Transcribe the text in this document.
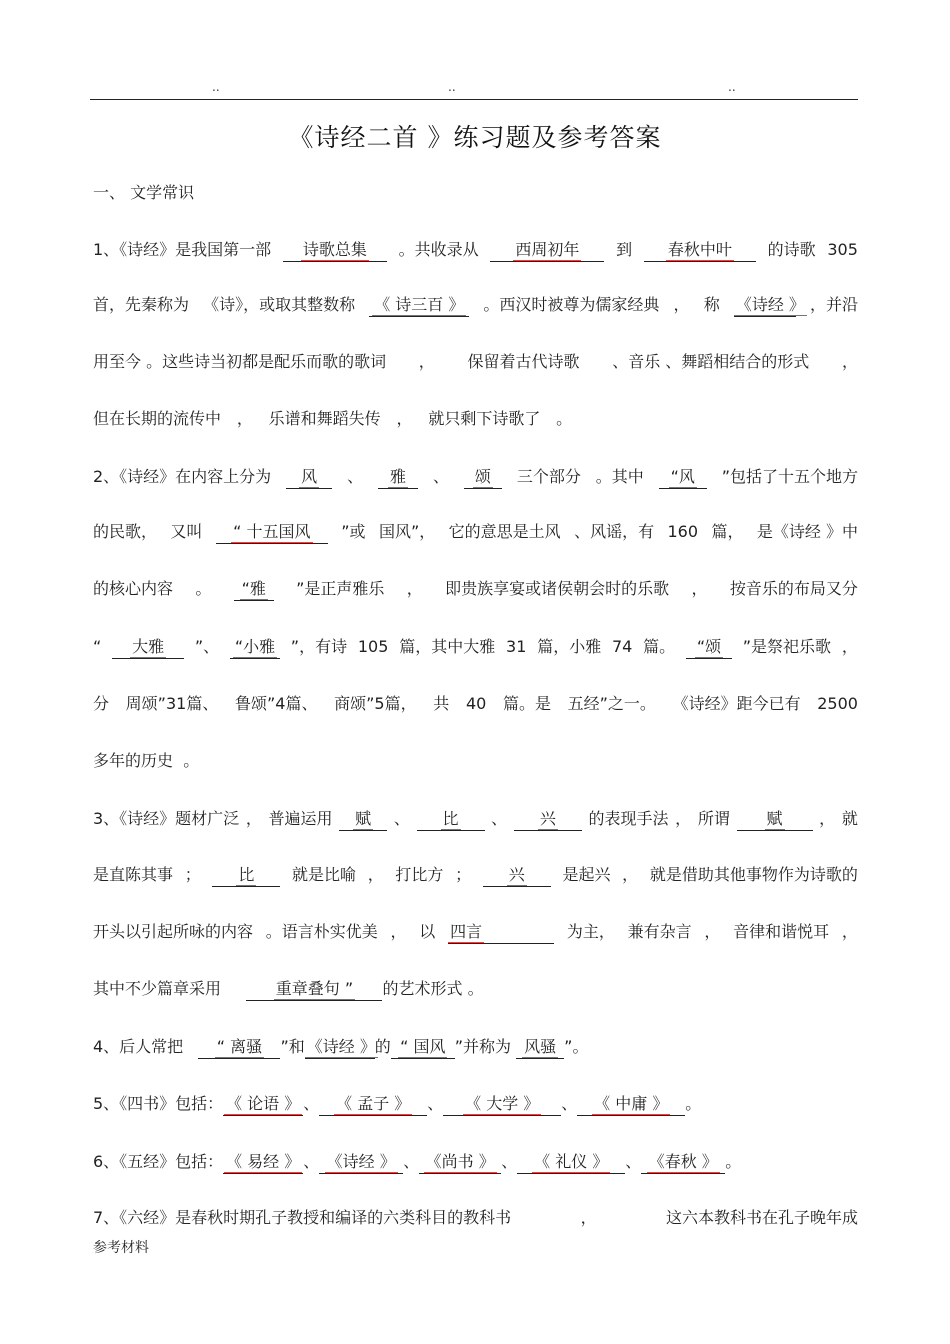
..	..	..
《诗经二首 》练习题及参考答案
一、 文学常识
1、《诗经》是我国第一部	诗歌总集	。共收录从	西周初年	到	春秋中叶	的诗歌 305
首，先秦称为 《诗》，或取其整数称	《 诗三百 》	。西汉时被尊为儒家经典 ， 称 《诗经 》 ，并沿
用至今 。这些诗当初都是配乐而歌的歌词 ， 保留着古代诗歌 、音乐 、舞蹈相结合的形式 ，
但在长期的流传中 ， 乐谱和舞蹈失传 ， 就只剩下诗歌了 。
2、《诗经》在内容上分为	风	、	雅	、	颂	三个部分 。其中	“风	”包括了十五个地方
的民歌， 又叫	“ 十五国风	”或 国风”， 它的意思是土风 、风谣，有 160 篇， 是《诗经 》中
的核心内容 。	“雅	”是正声雅乐 ， 即贵族享宴或诸侯朝会时的乐歌 ， 按音乐的布局又分
“	大雅	”、 “小雅 ”，有诗 105 篇，其中大雅 31 篇，小雅 74 篇。	“颂	”是祭祀乐歌 ，
分 周颂”31篇、 鲁颂”4篇、 商颂”5篇， 共 40 篇。是 五经”之一。 《诗经》距今已有 2500
多年的历史
。
3、《诗经》题材广泛 ， 普遍运用	赋	、	比	、	兴	的表现手法 ， 所谓	赋	， 就
是直陈其事 ；	比	就是比喻 ， 打比方 ；	兴	是起兴 ， 就是借助其他事物作为诗歌的
开头以引起所咏的内容 。语言朴实优美 ， 以 四言	为主， 兼有杂言 ， 音律和谐悦耳 ，
其中不少篇章采用
	重章叠句 ”	的艺术形式
。
4、后人常把
	“ 离骚	”和 《诗经 》
的 “ 国风 ”并称为
风骚 ”。
5、《四书》包括： 《 论语 》 、	《 孟子 》	、	《 大学 》	、	《 中庸 》	。
6、《五经》包括： 《 易经 》 、 《诗经 》 、 《尚书 》 、	《 礼仪 》	、 《春秋 》 。
7、《六经》是春秋时期孔子教授和编译的六类科目的教科书	，	这六本教科书在孔子晚年成
参考材料
